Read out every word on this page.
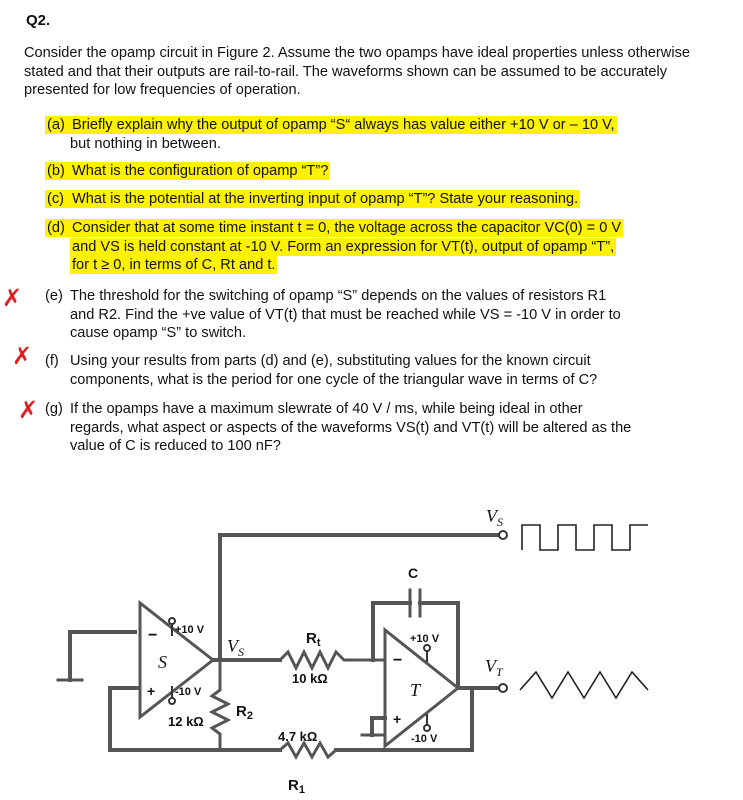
Q2.
Consider the opamp circuit in Figure 2. Assume the two opamps have ideal properties unless otherwise stated and that their outputs are rail-to-rail. The waveforms shown can be assumed to be accurately presented for low frequencies of operation.
(a) Briefly explain why the output of opamp “S“ always has value either +10 V or – 10 V,
but nothing in between.
(b) What is the configuration of opamp “T”?
(c) What is the potential at the inverting input of opamp “T”? State your reasoning.
(d) Consider that at some time instant t = 0, the voltage across the capacitor VC(0) = 0 V
and VS is held constant at -10 V. Form an expression for VT(t), output of opamp “T”,
for t ≥ 0, in terms of C, Rt and t.
✗ (e) The threshold for the switching of opamp “S” depends on the values of resistors R1
and R2. Find the +ve value of VT(t) that must be reached while VS = -10 V in order to
cause opamp “S” to switch.
✗ (f) Using your results from parts (d) and (e), substituting values for the known circuit
components, what is the period for one cycle of the triangular wave in terms of C?
✗ (g) If the opamps have a maximum slewrate of 40 V / ms, while being ideal in other
regards, what aspect or aspects of the waveforms VS(t) and VT(t) will be altered as the
value of C is reduced to 100 nF?
−
+
−
+
S
T
+10 V
-10 V
+10 V
-10 V
$V_S$
$V_S$
$V_T$
C
$R_t$
10 kΩ
$R_2$
12 kΩ
4.7 kΩ
$R_1$
